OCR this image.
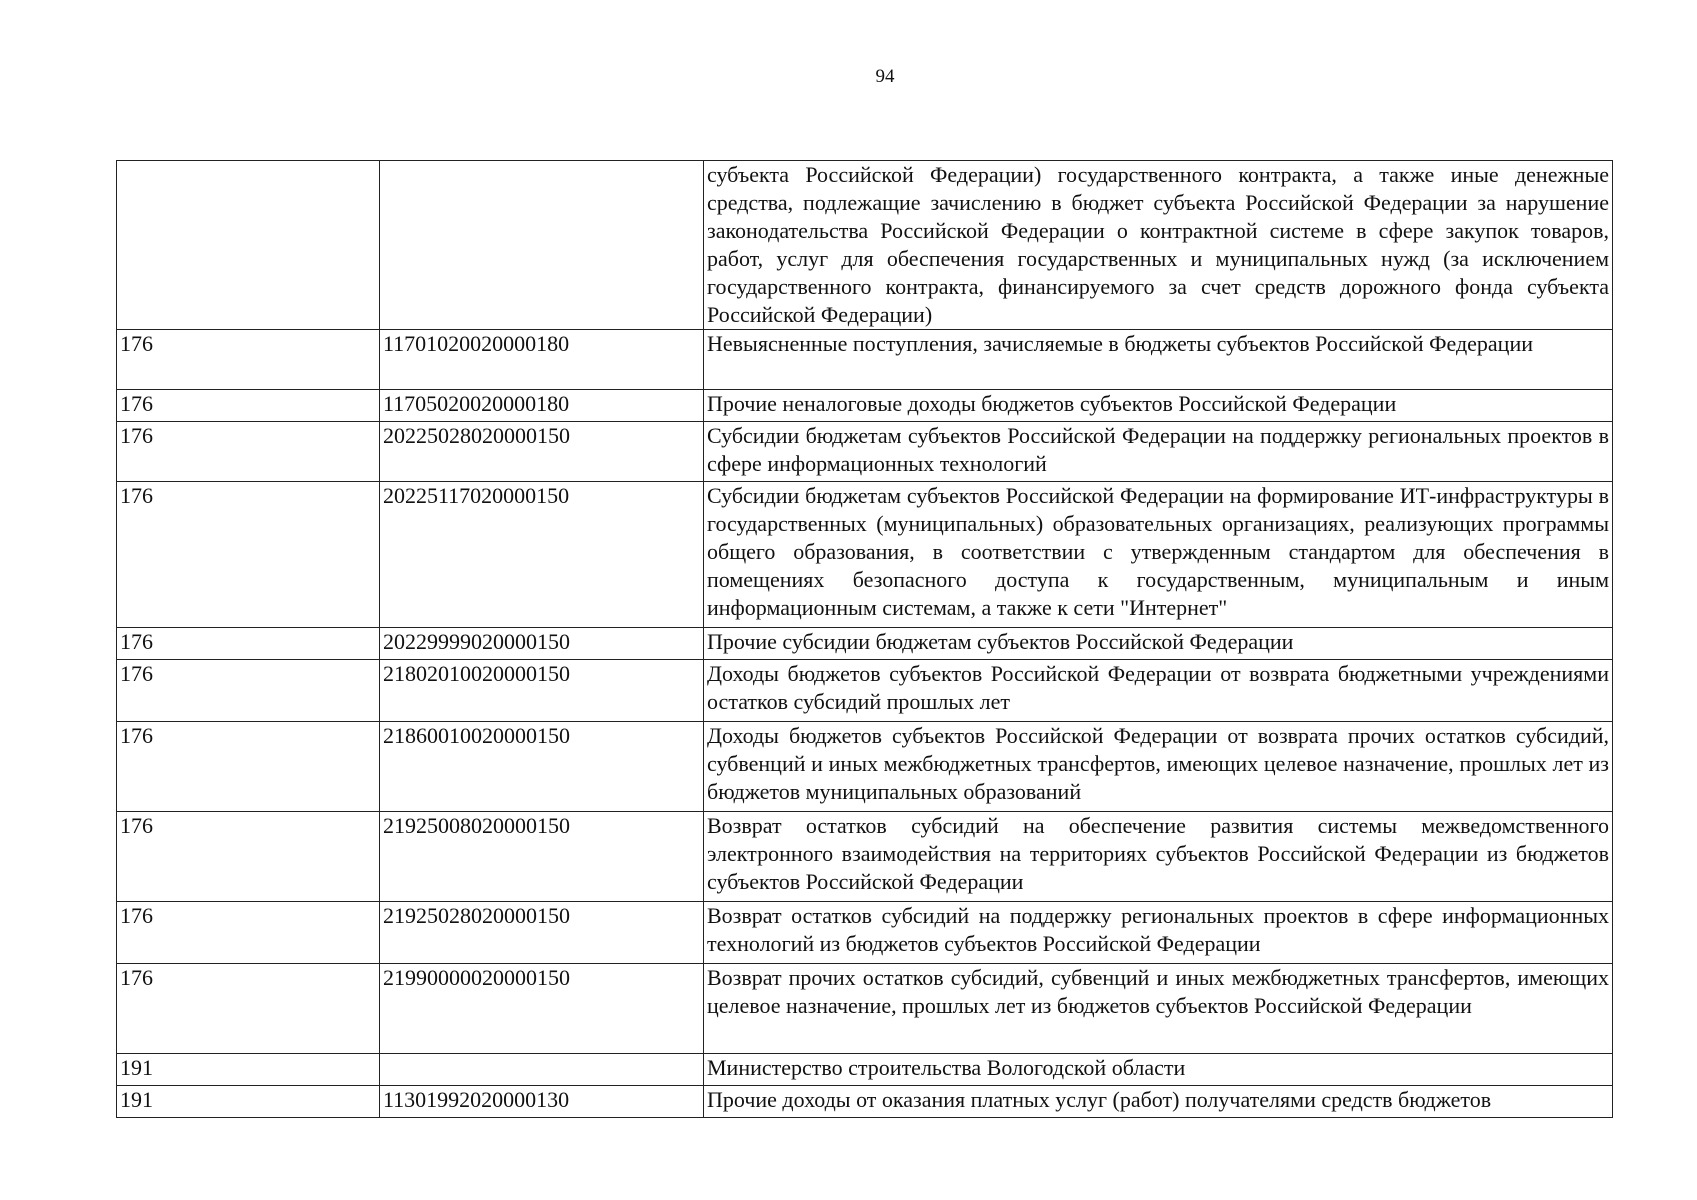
94
		субъекта Российской Федерации) государственного контракта, а также иные денежные средства, подлежащие зачислению в бюджет субъекта Российской Федерации за нарушение законодательства Российской Федерации о контрактной системе в сфере закупок товаров, работ, услуг для обеспечения государственных и муниципальных нужд (за исключением государственного контракта, финансируемого за счет средств дорожного фонда субъекта Российской Федерации)
176	11701020020000180	Невыясненные поступления, зачисляемые в бюджеты субъектов Российской Федерации
176	11705020020000180	Прочие неналоговые доходы бюджетов субъектов Российской Федерации
176	20225028020000150	Субсидии бюджетам субъектов Российской Федерации на поддержку региональных проектов в сфере информационных технологий
176	20225117020000150	Субсидии бюджетам субъектов Российской Федерации на формирование ИТ-инфраструктуры в государственных (муниципальных) образовательных организациях, реализующих программы общего образования, в соответствии с утвержденным стандартом для обеспечения в помещениях безопасного доступа к государственным, муниципальным и иным информационным системам, а также к сети "Интернет"
176	20229999020000150	Прочие субсидии бюджетам субъектов Российской Федерации
176	21802010020000150	Доходы бюджетов субъектов Российской Федерации от возврата бюджетными учреждениями остатков субсидий прошлых лет
176	21860010020000150	Доходы бюджетов субъектов Российской Федерации от возврата прочих остатков субсидий, субвенций и иных межбюджетных трансфертов, имеющих целевое назначение, прошлых лет из бюджетов муниципальных образований
176	21925008020000150	Возврат остатков субсидий на обеспечение развития системы межведомственного электронного взаимодействия на территориях субъектов Российской Федерации из бюджетов субъектов Российской Федерации
176	21925028020000150	Возврат остатков субсидий на поддержку региональных проектов в сфере информационных технологий из бюджетов субъектов Российской Федерации
176	21990000020000150	Возврат прочих остатков субсидий, субвенций и иных межбюджетных трансфертов, имеющих целевое назначение, прошлых лет из бюджетов субъектов Российской Федерации
191		Министерство строительства Вологодской области
191	11301992020000130	Прочие доходы от оказания платных услуг (работ) получателями средств бюджетов
